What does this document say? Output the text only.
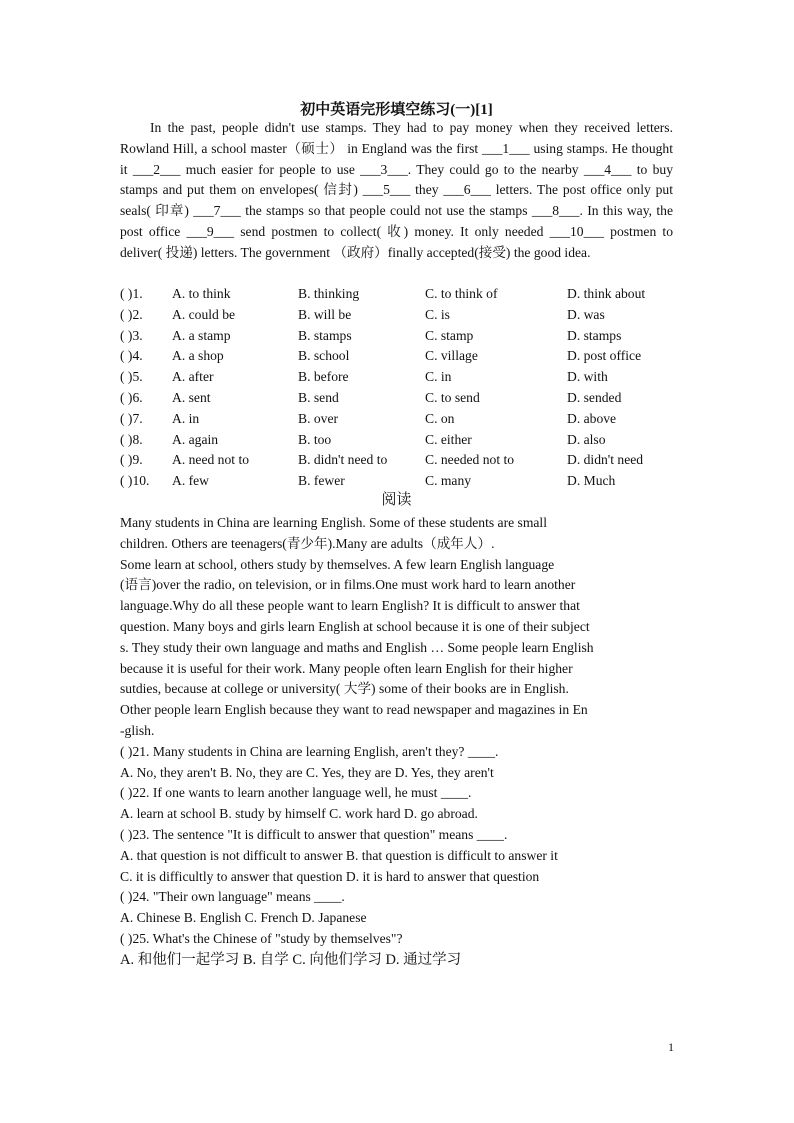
初中英语完形填空练习(一)[1]
In the past, people didn't use stamps. They had to pay money when they received letters. Rowland Hill, a school master（硕士） in England was the first ___1___ using stamps. He thought it ___2___ much easier for people to use ___3___. They could go to the nearby ___4___ to buy stamps and put them on envelopes( 信封) ___5___ they ___6___ letters. The post office only put seals( 印章) ___7___ the stamps so that people could not use the stamps ___8___. In this way, the post office ___9___ send postmen to collect( 收) money. It only needed ___10___ postmen to deliver( 投递) letters. The government （政府）finally accepted(接受) the good idea.
( )1. A. to think	B. thinking	C. to think of	D. think about
( )2. A. could be	B. will be	C. is	D. was
( )3. A. a stamp	B. stamps	C. stamp	D. stamps
( )4. A. a shop	B. school	C. village	D. post office
( )5. A. after	B. before	C. in	D. with
( )6. A. sent	B. send	C. to send	D. sended
( )7. A. in	B. over	C. on	D. above
( )8. A. again	B. too	C. either	D. also
( )9. A. need not to	B. didn't need to	C. needed not to	D. didn't need
( )10. A. few	B. fewer	C. many	D. Much
阅读
Many students in China are learning English. Some of these students are small
children. Others are teenagers(青少年).Many are adults（成年人）.
Some learn at school, others study by themselves. A few learn English language
(语言)over the radio, on television, or in films.One must work hard to learn another
language.Why do all these people want to learn English? It is difficult to answer that
question. Many boys and girls learn English at school because it is one of their subject
s. They study their own language and maths and English … Some people learn English
because it is useful for their work. Many people often learn English for their higher
sutdies, because at college or university( 大学) some of their books are in English.
Other people learn English because they want to read newspaper and magazines in En
-glish.
( )21. Many students in China are learning English, aren't they? ____.
A. No, they aren't B. No, they are C. Yes, they are D. Yes, they aren't
( )22. If one wants to learn another language well, he must ____.
A. learn at school B. study by himself C. work hard D. go abroad.
( )23. The sentence "It is difficult to answer that question" means ____.
A. that question is not difficult to answer B. that question is difficult to answer it
C. it is difficultly to answer that question D. it is hard to answer that question
( )24. "Their own language" means ____.
A. Chinese B. English C. French D. Japanese
( )25. What's the Chinese of "study by themselves"?
A. 和他们一起学习 B. 自学 C. 向他们学习 D. 通过学习
1
